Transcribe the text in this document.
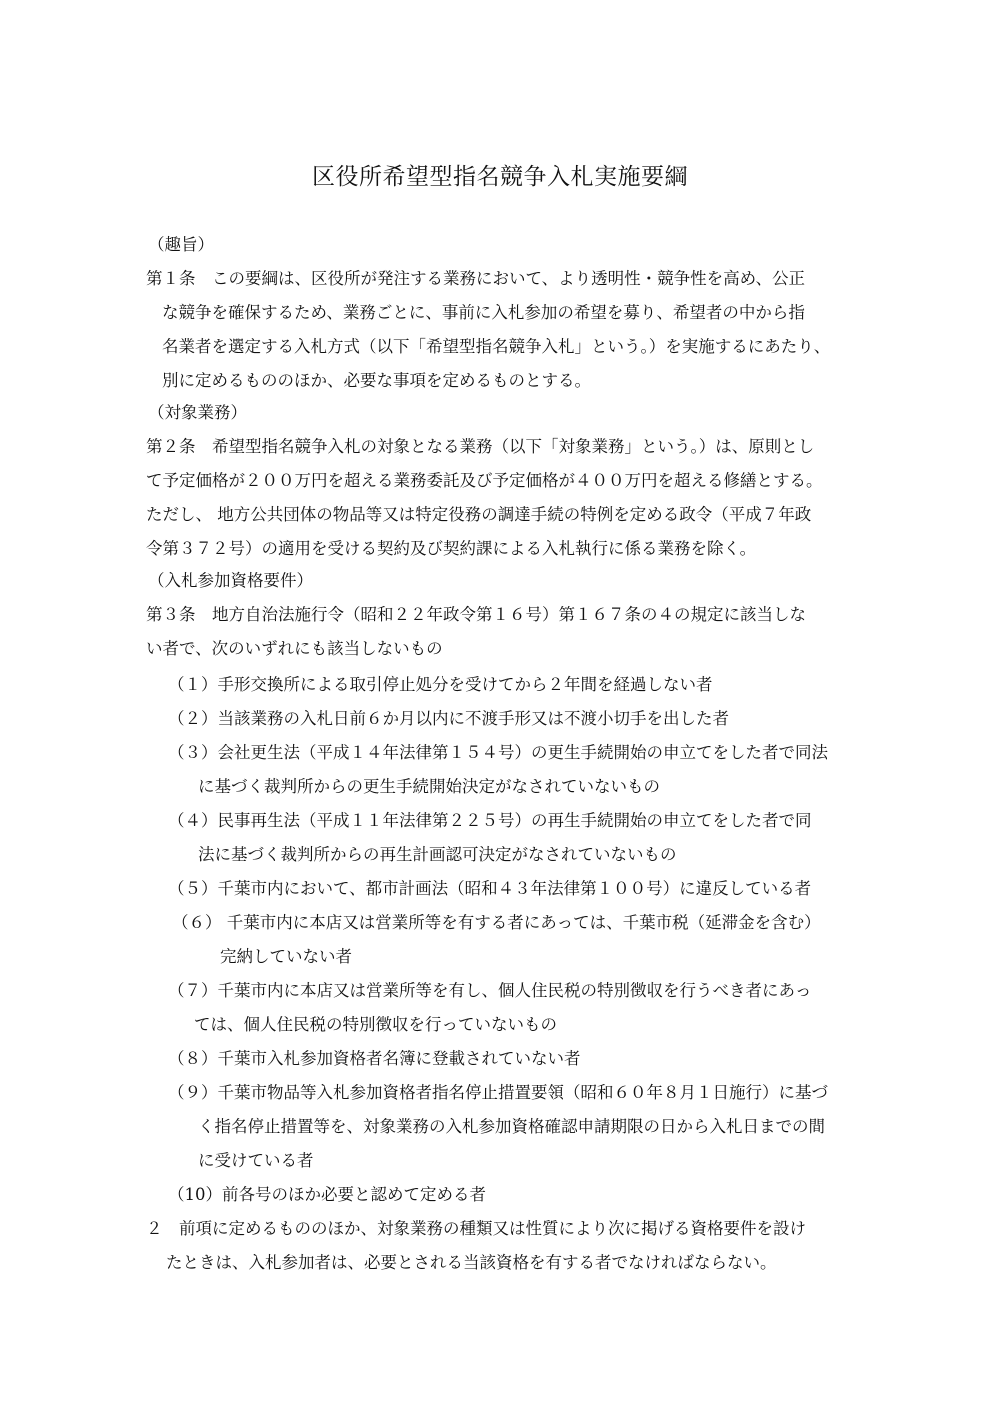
区役所希望型指名競争入札実施要綱
（趣旨）
第１条　この要綱は、区役所が発注する業務において、より透明性・競争性を高め、公正
な競争を確保するため、業務ごとに、事前に入札参加の希望を募り、希望者の中から指
名業者を選定する入札方式（以下「希望型指名競争入札」という。）を実施するにあたり、
別に定めるもののほか、必要な事項を定めるものとする。
（対象業務）
第２条　希望型指名競争入札の対象となる業務（以下「対象業務」という。）は、原則とし
て予定価格が２００万円を超える業務委託及び予定価格が４００万円を超える修繕とする。
ただし、 地方公共団体の物品等又は特定役務の調達手続の特例を定める政令（平成７年政
令第３７２号）の適用を受ける契約及び契約課による入札執行に係る業務を除く。
（入札参加資格要件）
第３条　地方自治法施行令（昭和２２年政令第１６号）第１６７条の４の規定に該当しな
い者で、次のいずれにも該当しないもの
（１）手形交換所による取引停止処分を受けてから２年間を経過しない者
（２）当該業務の入札日前６か月以内に不渡手形又は不渡小切手を出した者
（３）会社更生法（平成１４年法律第１５４号）の更生手続開始の申立てをした者で同法
に基づく裁判所からの更生手続開始決定がなされていないもの
（４）民事再生法（平成１１年法律第２２５号）の再生手続開始の申立てをした者で同
法に基づく裁判所からの再生計画認可決定がなされていないもの
（５）千葉市内において、都市計画法（昭和４３年法律第１００号）に違反している者
（６） 千葉市内に本店又は営業所等を有する者にあっては、千葉市税（延滞金を含む）
完納していない者
（７）千葉市内に本店又は営業所等を有し、個人住民税の特別徴収を行うべき者にあっ
ては、個人住民税の特別徴収を行っていないもの
（８）千葉市入札参加資格者名簿に登載されていない者
（９）千葉市物品等入札参加資格者指名停止措置要領（昭和６０年８月１日施行）に基づ
く指名停止措置等を、対象業務の入札参加資格確認申請期限の日から入札日までの間
に受けている者
（10）前各号のほか必要と認めて定める者
２　前項に定めるもののほか、対象業務の種類又は性質により次に掲げる資格要件を設け
たときは、入札参加者は、必要とされる当該資格を有する者でなければならない。
